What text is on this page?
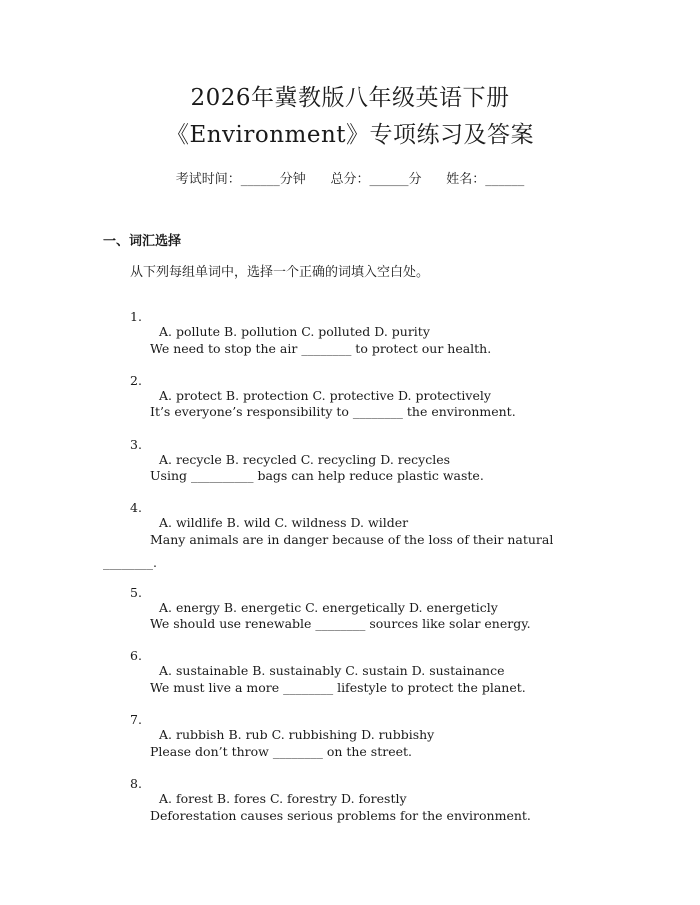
2026年冀教版八年级英语下册
《Environment》专项练习及答案
考试时间：______分钟      总分：______分      姓名：______
一、词汇选择
从下列每组单词中，选择一个正确的词填入空白处。

1.

A. pollute B. pollution C. polluted D. purity

We need to stop the air ________ to protect our health.

2.

A. protect B. protection C. protective D. protectively

It’s everyone’s responsibility to ________ the environment.

3.

A. recycle B. recycled C. recycling D. recycles

Using __________ bags can help reduce plastic waste.

4.

A. wildlife B. wild C. wildness D. wilder

Many animals are in danger because of the loss of their natural

________.

5.

A. energy B. energetic C. energetically D. energeticly

We should use renewable ________ sources like solar energy.

6.

A. sustainable B. sustainably C. sustain D. sustainance

We must live a more ________ lifestyle to protect the planet.

7.

A. rubbish B. rub C. rubbishing D. rubbishy

Please don’t throw ________ on the street.

8.

A. forest B. fores C. forestry D. forestly

Deforestation causes serious problems for the environment.
